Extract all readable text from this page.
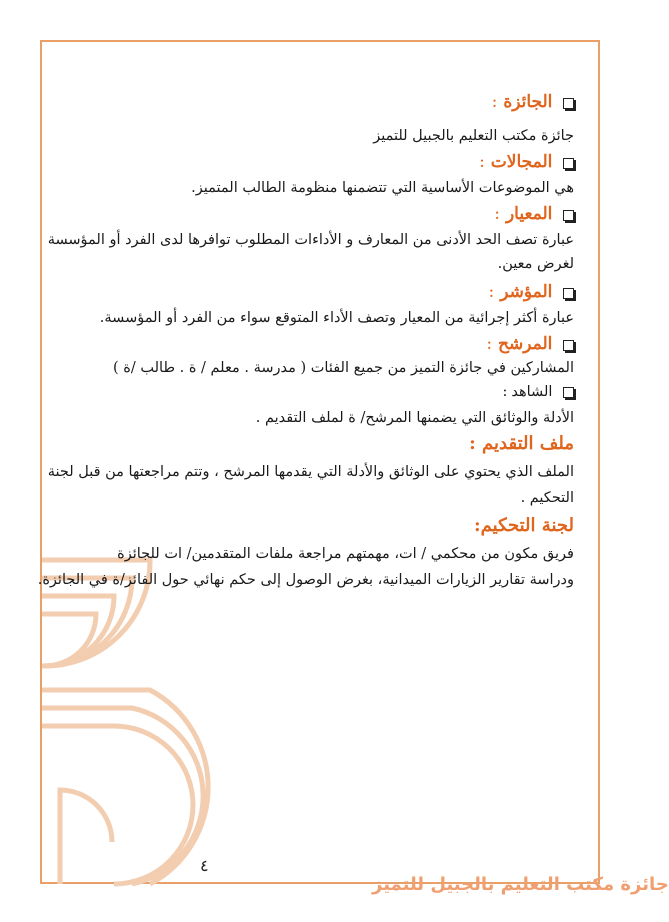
الجائزة
:
جائزة مكتب التعليم بالجبيل للتميز

المجالات
:
هي الموضوعات الأساسية التي تتضمنها منظومة الطالب المتميز.

المعيار
:
عبارة تصف الحد الأدنى من المعارف و الأداءات المطلوب توافرها لدى الفرد أو المؤسسة
لغرض معين.

المؤشر
:
عبارة أكثر إجرائية من المعيار وتصف الأداء المتوقع سواء من الفرد أو المؤسسة.

المرشح
:
المشاركين في جائزة التميز من جميع الفئات ( مدرسة . معلم / ة . طالب /ة )

الشاهد
:
الأدلة والوثائق التي يضمنها المرشح/ ة لملف التقديم .
ملف التقديم :
الملف الذي يحتوي على الوثائق والأدلة التي يقدمها المرشح ، وتتم مراجعتها من قبل لجنة
التحكيم .
لجنة التحكيم:
فريق مكون من محكمي / ات، مهمتهم مراجعة ملفات المتقدمين/ ات للجائزة
ودراسة تقارير الزيارات الميدانية، بغرض الوصول إلى حكم نهائي حول الفائز/ة في الجائزة.
٤
جائزة مكتب التعليم بالجبيل للتميز
